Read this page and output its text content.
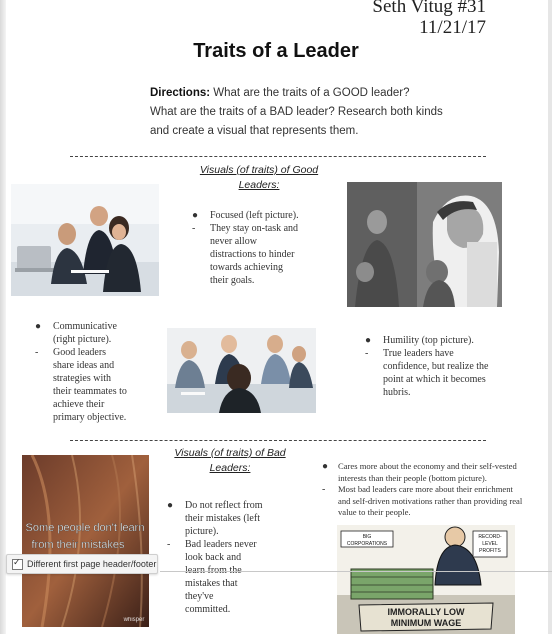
Seth Vitug #31
11/21/17
Traits of a Leader
Directions: What are the traits of a GOOD leader?
What are the traits of a BAD leader? Research both kinds
and create a visual that represents them.
Visuals (of traits) of Good
Leaders:
● Focused (left picture).
- They stay on-task and
never allow
distractions to hinder
towards achieving
their goals.
● Communicative
(right picture).
- Good leaders
share ideas and
strategies with
their teammates to
achieve their
primary objective.
● Humility (top picture).
- True leaders have
confidence, but realize the
point at which it becomes
hubris.
Visuals (of traits) of Bad
Leaders:
Some people don't learn
from their mistakes
whisper
● Do not reflect from
their mistakes (left
picture).
- Bad leaders never
look back and
learn from the
mistakes that
they've
committed.
● Cares more about the economy and their self-vested
interests than their people (bottom picture).
- Most bad leaders care more about their enrichment
and self-driven motivations rather than providing real
value to their people.
RECORD-
LEVEL
PROFITS
BIG
CORPORATIONS
IMMORALLY LOW
MINIMUM WAGE
✓
Different first page header/footer
